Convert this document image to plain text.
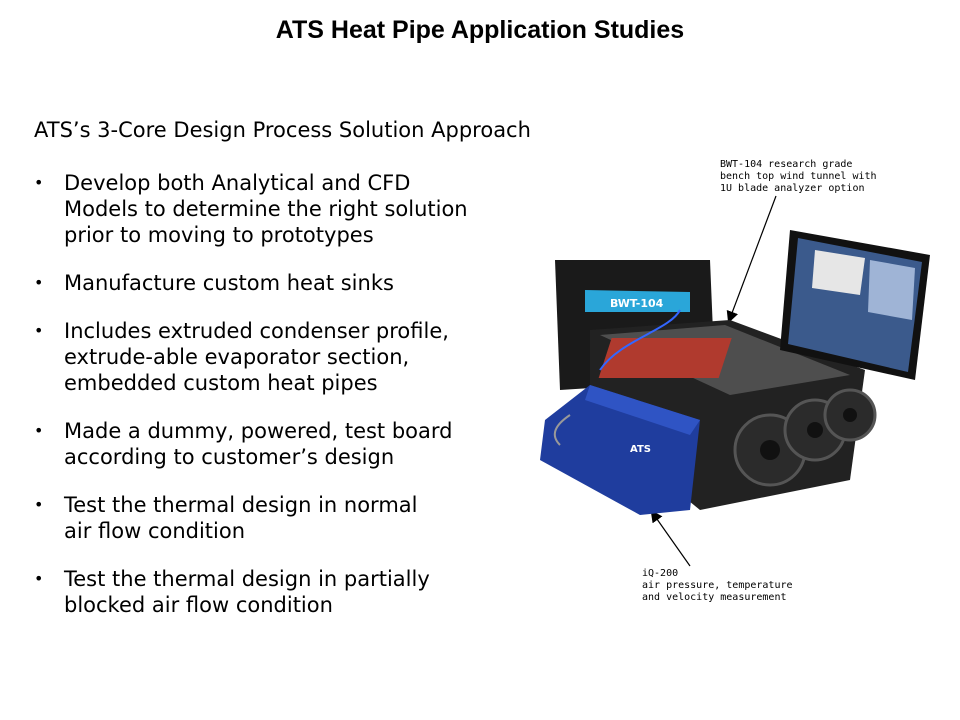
ATS Heat Pipe Application Studies
ATS’s 3-Core Design Process Solution Approach
• Develop both Analytical and CFD
Models to determine the right solution
prior to moving to prototypes
• Manufacture custom heat sinks
• Includes extruded condenser profile,
extrude-able evaporator section,
embedded custom heat pipes
• Made a dummy, powered, test board
according to customer’s design
• Test the thermal design in normal
air flow condition
• Test the thermal design in partially
blocked air flow condition
BWT-104 research grade
bench top wind tunnel with
1U blade analyzer option
iQ-200
air pressure, temperature
and velocity measurement
BWT-104
ATS
